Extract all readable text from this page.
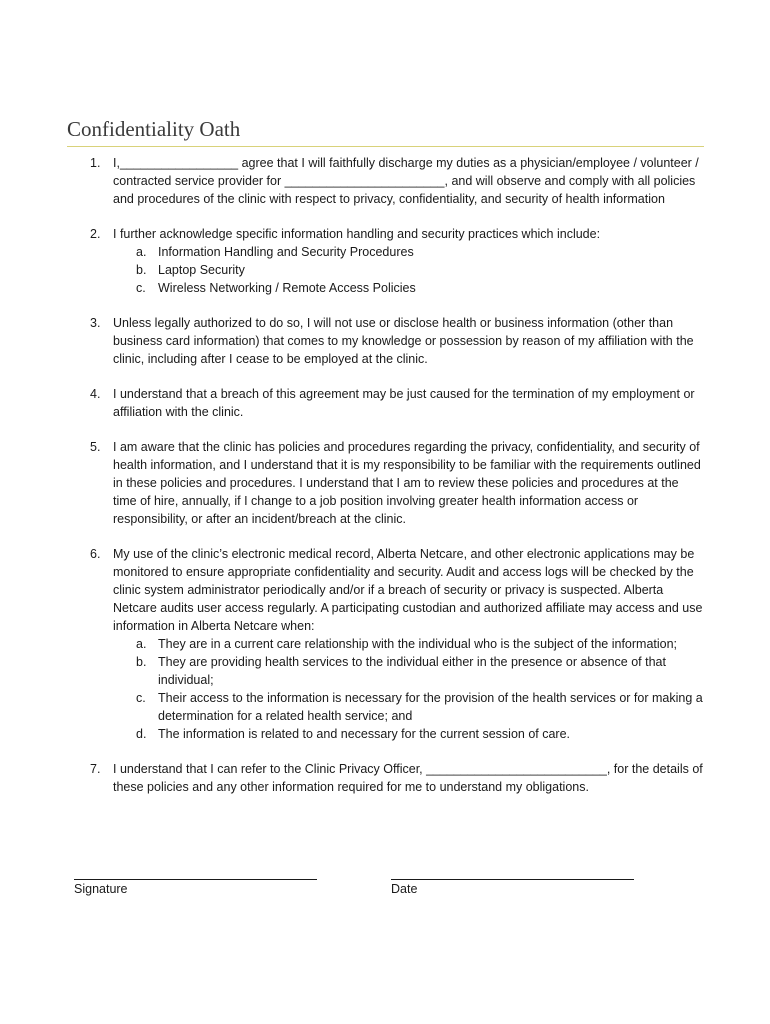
Confidentiality Oath
1. I,_________________ agree that I will faithfully discharge my duties as a physician/employee / volunteer / contracted service provider for _______________________, and will observe and comply with all policies and procedures of the clinic with respect to privacy, confidentiality, and security of health information

2. I further acknowledge specific information handling and security practices which include:

a. Information Handling and Security Procedures
b. Laptop Security
c. Wireless Networking / Remote Access Policies
3. Unless legally authorized to do so, I will not use or disclose health or business information (other than business card information) that comes to my knowledge or possession by reason of my affiliation with the clinic, including after I cease to be employed at the clinic.

4. I understand that a breach of this agreement may be just caused for the termination of my employment or affiliation with the clinic.

5. I am aware that the clinic has policies and procedures regarding the privacy, confidentiality, and security of health information, and I understand that it is my responsibility to be familiar with the requirements outlined in these policies and procedures. I understand that I am to review these policies and procedures at the time of hire, annually, if I change to a job position involving greater health information access or responsibility, or after an incident/breach at the clinic.

6. My use of the clinic’s electronic medical record, Alberta Netcare, and other electronic applications may be monitored to ensure appropriate confidentiality and security. Audit and access logs will be checked by the clinic system administrator periodically and/or if a breach of security or privacy is suspected. Alberta Netcare audits user access regularly. A participating custodian and authorized affiliate may access and use information in Alberta Netcare when:

a. They are in a current care relationship with the individual who is the subject of the information;
b. They are providing health services to the individual either in the presence or absence of that individual;
c. Their access to the information is necessary for the provision of the health services or for making a determination for a related health service; and
d. The information is related to and necessary for the current session of care.
7. I understand that I can refer to the Clinic Privacy Officer, __________________________, for the details of these policies and any other information required for me to understand my obligations.

Signature	Date
